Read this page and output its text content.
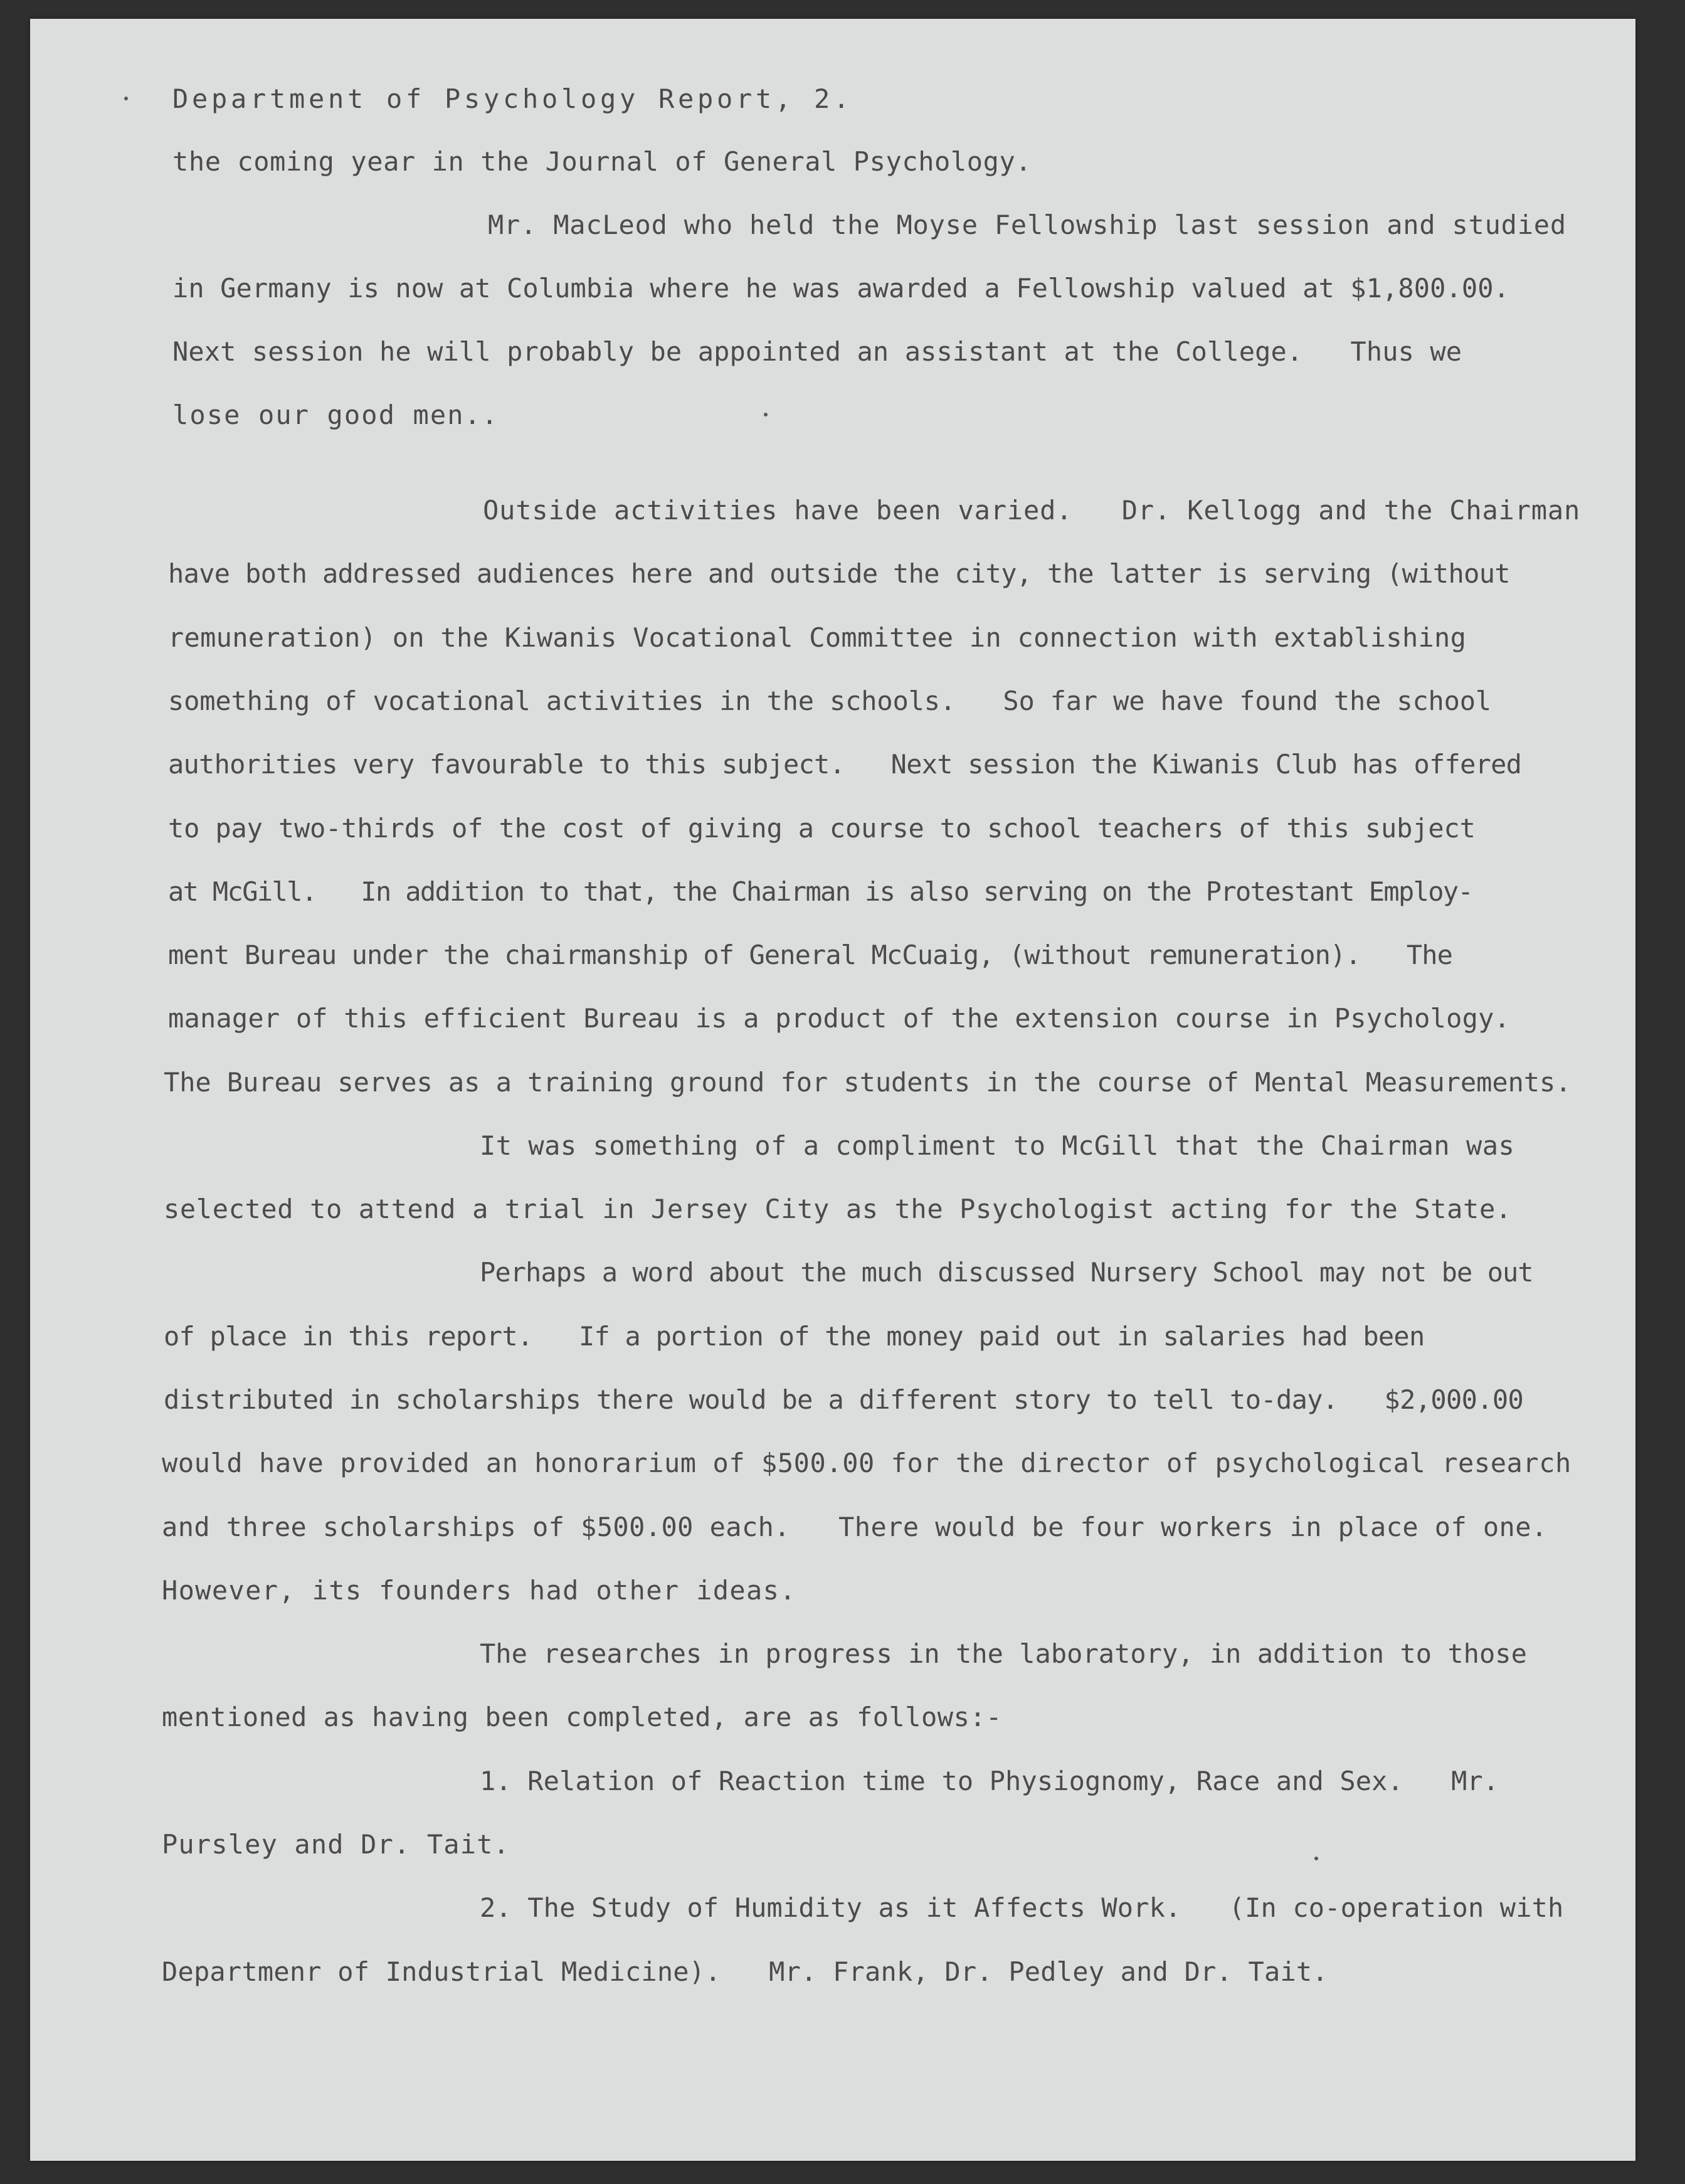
Department of Psychology Report, 2.
the coming year in the Journal of General Psychology.
Mr. MacLeod who held the Moyse Fellowship last session and studied
in Germany is now at Columbia where he was awarded a Fellowship valued at $1,800.00.
Next session he will probably be appointed an assistant at the College.   Thus we
lose our good men..
Outside activities have been varied.   Dr. Kellogg and the Chairman
have both addressed audiences here and outside the city, the latter is serving (without
remuneration) on the Kiwanis Vocational Committee in connection with extablishing
something of vocational activities in the schools.   So far we have found the school
authorities very favourable to this subject.   Next session the Kiwanis Club has offered
to pay two-thirds of the cost of giving a course to school teachers of this subject
at McGill.   In addition to that, the Chairman is also serving on the Protestant Employ-
ment Bureau under the chairmanship of General McCuaig, (without remuneration).   The
manager of this efficient Bureau is a product of the extension course in Psychology.
The Bureau serves as a training ground for students in the course of Mental Measurements.
It was something of a compliment to McGill that the Chairman was
selected to attend a trial in Jersey City as the Psychologist acting for the State.
Perhaps a word about the much discussed Nursery School may not be out
of place in this report.   If a portion of the money paid out in salaries had been
distributed in scholarships there would be a different story to tell to-day.   $2,000.00
would have provided an honorarium of $500.00 for the director of psychological research
and three scholarships of $500.00 each.   There would be four workers in place of one.
However, its founders had other ideas.
The researches in progress in the laboratory, in addition to those
mentioned as having been completed, are as follows:-
1. Relation of Reaction time to Physiognomy, Race and Sex.   Mr.
Pursley and Dr. Tait.
2. The Study of Humidity as it Affects Work.   (In co-operation with
Departmenr of Industrial Medicine).   Mr. Frank, Dr. Pedley and Dr. Tait.
